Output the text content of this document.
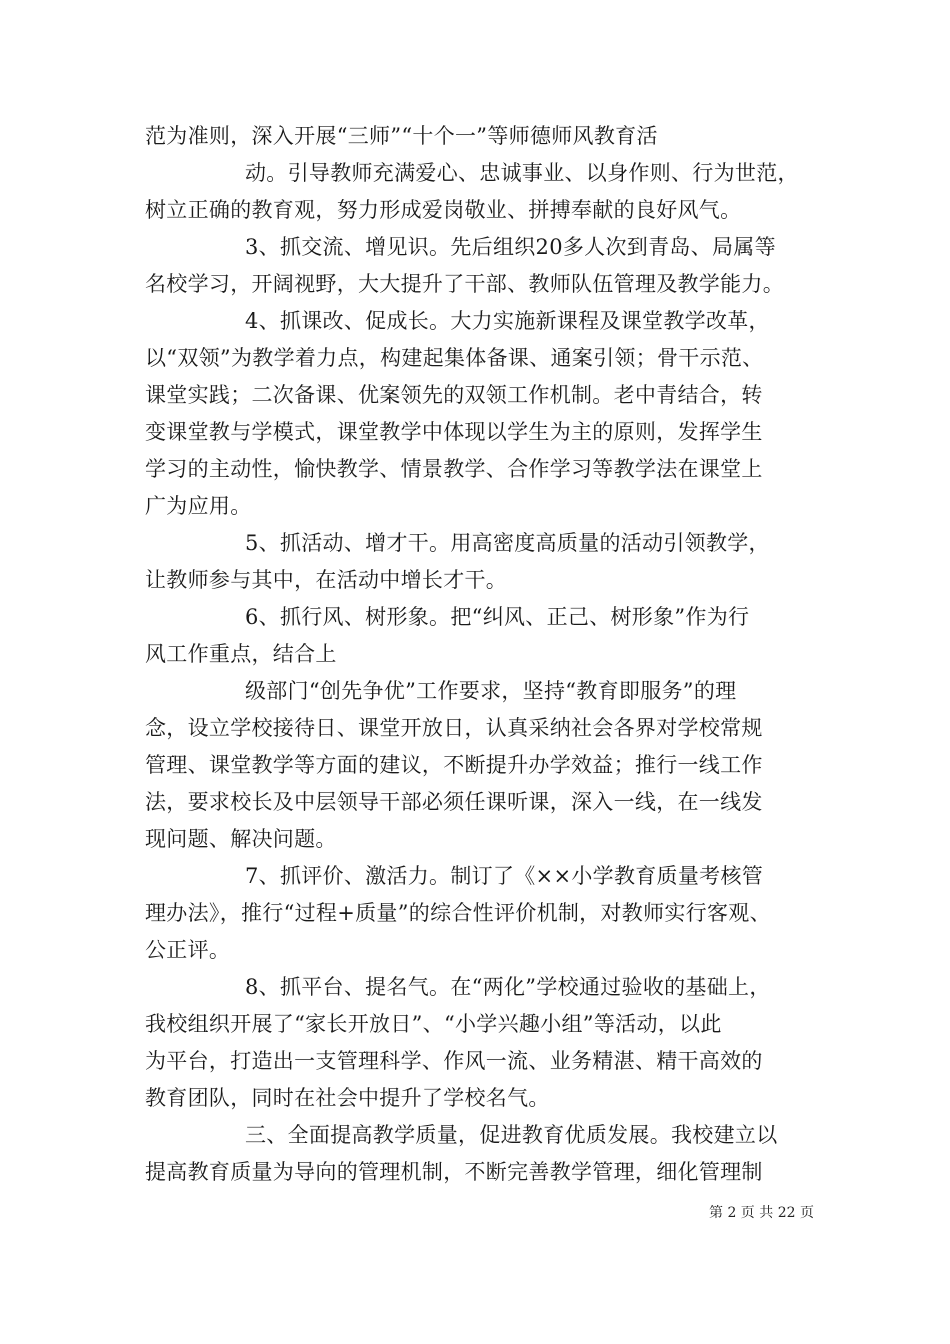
范为准则，深入开展“三师”“十个一”等师德师风教育活
动。引导教师充满爱心、忠诚事业、以身作则、行为世范，
树立正确的教育观，努力形成爱岗敬业、拼搏奉献的良好风气。
3、抓交流、增见识。先后组织20多人次到青岛、局属等
名校学习，开阔视野，大大提升了干部、教师队伍管理及教学能力。
4、抓课改、促成长。大力实施新课程及课堂教学改革，
以“双领”为教学着力点，构建起集体备课、通案引领；骨干示范、
课堂实践；二次备课、优案领先的双领工作机制。老中青结合，转
变课堂教与学模式，课堂教学中体现以学生为主的原则，发挥学生
学习的主动性，愉快教学、情景教学、合作学习等教学法在课堂上
广为应用。
5、抓活动、增才干。用高密度高质量的活动引领教学，
让教师参与其中，在活动中增长才干。
6、抓行风、树形象。把“纠风、正己、树形象”作为行
风工作重点，结合上
级部门“创先争优”工作要求，坚持“教育即服务”的理
念，设立学校接待日、课堂开放日，认真采纳社会各界对学校常规
管理、课堂教学等方面的建议，不断提升办学效益；推行一线工作
法，要求校长及中层领导干部必须任课听课，深入一线，在一线发
现问题、解决问题。
7、抓评价、激活力。制订了《××小学教育质量考核管
理办法》，推行“过程+质量”的综合性评价机制，对教师实行客观、
公正评。
8、抓平台、提名气。在“两化”学校通过验收的基础上，
我校组织开展了“家长开放日”、“小学兴趣小组”等活动，以此
为平台，打造出一支管理科学、作风一流、业务精湛、精干高效的
教育团队，同时在社会中提升了学校名气。
三、全面提高教学质量，促进教育优质发展。我校建立以
提高教育质量为导向的管理机制，不断完善教学管理，细化管理制
第 2 页 共 22 页
